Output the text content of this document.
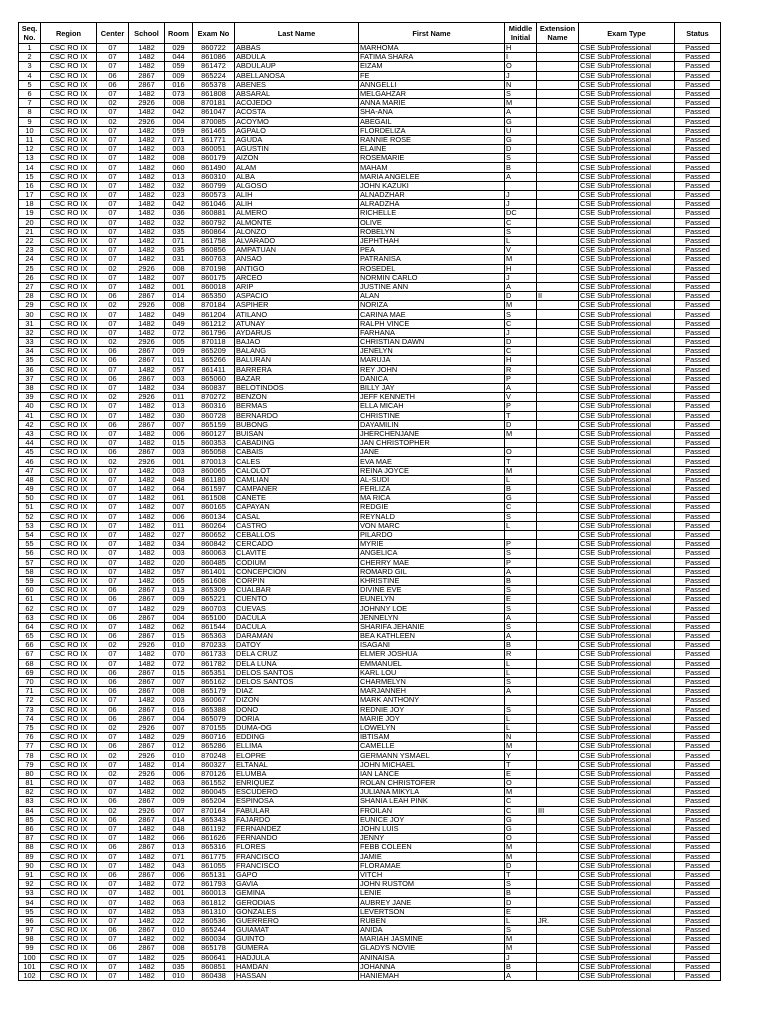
Seq. No.	Region	Center	School	Room	Exam No	Last Name	First Name	Middle Initial	Extension Name	Exam Type	Status
1	CSC RO IX	07	1482	029	860722	ABBAS	MARHOMA	H		CSE SubProfessional	Passed
2	CSC RO IX	07	1482	044	861086	ABDULA	FATIMA SHARA	I		CSE SubProfessional	Passed
3	CSC RO IX	07	1482	059	861472	ABDULAUP	EIZAM	O		CSE SubProfessional	Passed
4	CSC RO IX	06	2867	009	865224	ABELLANOSA	FE	J		CSE SubProfessional	Passed
5	CSC RO IX	06	2867	016	865378	ABENES	ANNGELLI	N		CSE SubProfessional	Passed
6	CSC RO IX	07	1482	073	861808	ABSARAL	MELGAHZAR	S		CSE SubProfessional	Passed
7	CSC RO IX	02	2926	008	870181	ACOJEDO	ANNA MARIE	M		CSE SubProfessional	Passed
8	CSC RO IX	07	1482	042	861047	ACOSTA	SHA-ANA	A		CSE SubProfessional	Passed
9	CSC RO IX	02	2926	004	870085	ACOYMO	ABEGAIL	G		CSE SubProfessional	Passed
10	CSC RO IX	07	1482	059	861465	AGPALO	FLORDELIZA	U		CSE SubProfessional	Passed
11	CSC RO IX	07	1482	071	861771	AGUDA	RANNIE ROSE	G		CSE SubProfessional	Passed
12	CSC RO IX	07	1482	003	860051	AGUSTIN	ELAINE	D		CSE SubProfessional	Passed
13	CSC RO IX	07	1482	008	860179	AIZON	ROSEMARIE	S		CSE SubProfessional	Passed
14	CSC RO IX	07	1482	060	861490	ALAM	MAHAM	B		CSE SubProfessional	Passed
15	CSC RO IX	07	1482	013	860310	ALBA	MARIA ANGELEE	A		CSE SubProfessional	Passed
16	CSC RO IX	07	1482	032	860799	ALGOSO	JOHN KAZUKI			CSE SubProfessional	Passed
17	CSC RO IX	07	1482	023	860573	ALIH	ALNADZHAR	J		CSE SubProfessional	Passed
18	CSC RO IX	07	1482	042	861046	ALIH	ALRADZHA	J		CSE SubProfessional	Passed
19	CSC RO IX	07	1482	036	860881	ALMERO	RICHELLE	DC		CSE SubProfessional	Passed
20	CSC RO IX	07	1482	032	860792	ALMONTE	OLIVE	C		CSE SubProfessional	Passed
21	CSC RO IX	07	1482	035	860864	ALONZO	ROBELYN	S		CSE SubProfessional	Passed
22	CSC RO IX	07	1482	071	861758	ALVARADO	JEPHTHAH	L		CSE SubProfessional	Passed
23	CSC RO IX	07	1482	035	860856	AMPATUAN	PEA	V		CSE SubProfessional	Passed
24	CSC RO IX	07	1482	031	860763	ANSAO	PATRANISA	M		CSE SubProfessional	Passed
25	CSC RO IX	02	2926	008	870198	ANTIGO	ROSEDEL	H		CSE SubProfessional	Passed
26	CSC RO IX	07	1482	007	860175	ARCEO	NORMIN CARLO	J		CSE SubProfessional	Passed
27	CSC RO IX	07	1482	001	860018	ARIP	JUSTINE ANN	A		CSE SubProfessional	Passed
28	CSC RO IX	06	2867	014	865350	ASPACIO	ALAN	D	II	CSE SubProfessional	Passed
29	CSC RO IX	02	2926	008	870184	ASPIHER	NORIZA	M		CSE SubProfessional	Passed
30	CSC RO IX	07	1482	049	861204	ATILANO	CARINA MAE	S		CSE SubProfessional	Passed
31	CSC RO IX	07	1482	049	861212	ATUNAY	RALPH VINCE	C		CSE SubProfessional	Passed
32	CSC RO IX	07	1482	072	861796	AYDARUS	FARHANA	J		CSE SubProfessional	Passed
33	CSC RO IX	02	2926	005	870118	BAJAO	CHRISTIAN DAWN	D		CSE SubProfessional	Passed
34	CSC RO IX	06	2867	009	865209	BALANG	JENELYN	C		CSE SubProfessional	Passed
35	CSC RO IX	06	2867	011	865266	BALURAN	MARUJA	H		CSE SubProfessional	Passed
36	CSC RO IX	07	1482	057	861411	BARRERA	REY JOHN	R		CSE SubProfessional	Passed
37	CSC RO IX	06	2867	003	865060	BAZAR	DANICA	P		CSE SubProfessional	Passed
38	CSC RO IX	07	1482	034	860837	BELOTINDOS	BILLY JAY	A		CSE SubProfessional	Passed
39	CSC RO IX	02	2926	011	870272	BENZON	JEFF KENNETH	V		CSE SubProfessional	Passed
40	CSC RO IX	07	1482	013	860316	BERMAS	ELLA MICAH	P		CSE SubProfessional	Passed
41	CSC RO IX	07	1482	030	860728	BERNARDO	CHRISTINE	T		CSE SubProfessional	Passed
42	CSC RO IX	06	2867	007	865159	BUBONG	DAYAMILIN	D		CSE SubProfessional	Passed
43	CSC RO IX	07	1482	006	860127	BUISAN	JHERCHENJANE	M		CSE SubProfessional	Passed
44	CSC RO IX	07	1482	015	860353	CABADING	JAN CHRISTOPHER			CSE SubProfessional	Passed
45	CSC RO IX	06	2867	003	865058	CABAIS	JANE	O		CSE SubProfessional	Passed
46	CSC RO IX	02	2926	001	870013	CALES	EVA MAE	T		CSE SubProfessional	Passed
47	CSC RO IX	07	1482	003	860065	CALOLOT	REINA JOYCE	M		CSE SubProfessional	Passed
48	CSC RO IX	07	1482	048	861180	CAMLIAN	AL-SUDI	L		CSE SubProfessional	Passed
49	CSC RO IX	07	1482	064	861597	CAMPANER	FERLIZA	B		CSE SubProfessional	Passed
50	CSC RO IX	07	1482	061	861508	CANETE	MA RICA	G		CSE SubProfessional	Passed
51	CSC RO IX	07	1482	007	860165	CAPAYAN	REDGIE	C		CSE SubProfessional	Passed
52	CSC RO IX	07	1482	006	860134	CASAL	REYNALD	S		CSE SubProfessional	Passed
53	CSC RO IX	07	1482	011	860264	CASTRO	VON MARC	L		CSE SubProfessional	Passed
54	CSC RO IX	07	1482	027	860652	CEBALLOS	PILARDO			CSE SubProfessional	Passed
55	CSC RO IX	07	1482	034	860842	CERCADO	MYRIE	P		CSE SubProfessional	Passed
56	CSC RO IX	07	1482	003	860063	CLAVITE	ANGELICA	S		CSE SubProfessional	Passed
57	CSC RO IX	07	1482	020	860485	CODIUM	CHERRY MAE	P		CSE SubProfessional	Passed
58	CSC RO IX	07	1482	057	861401	CONCEPCION	ROMARD GIL	A		CSE SubProfessional	Passed
59	CSC RO IX	07	1482	065	861608	CORPIN	KHRISTINE	B		CSE SubProfessional	Passed
60	CSC RO IX	06	2867	013	865309	CUALBAR	DIVINE EVE	S		CSE SubProfessional	Passed
61	CSC RO IX	06	2867	009	865221	CUENTO	EUNELYN	E		CSE SubProfessional	Passed
62	CSC RO IX	07	1482	029	860703	CUEVAS	JOHNNY LOE	S		CSE SubProfessional	Passed
63	CSC RO IX	06	2867	004	865100	DACULA	JENNELYN	A		CSE SubProfessional	Passed
64	CSC RO IX	07	1482	062	861544	DACULA	SHARIFA JEHANIE	S		CSE SubProfessional	Passed
65	CSC RO IX	06	2867	015	865363	DARAMAN	BEA KATHLEEN	A		CSE SubProfessional	Passed
66	CSC RO IX	02	2926	010	870233	DATOY	ISAGANI	B		CSE SubProfessional	Passed
67	CSC RO IX	07	1482	070	861733	DELA CRUZ	ELMER JOSHUA	R		CSE SubProfessional	Passed
68	CSC RO IX	07	1482	072	861782	DELA LUNA	EMMANUEL	L		CSE SubProfessional	Passed
69	CSC RO IX	06	2867	015	865351	DELOS SANTOS	KARL LOU	L		CSE SubProfessional	Passed
70	CSC RO IX	06	2867	007	865162	DELOS SANTOS	CHARMELYN	S		CSE SubProfessional	Passed
71	CSC RO IX	06	2867	008	865179	DIAZ	MARJANNEH	A		CSE SubProfessional	Passed
72	CSC RO IX	07	1482	003	860067	DIZON	MARK ANTHONY			CSE SubProfessional	Passed
73	CSC RO IX	06	2867	016	865388	DONO	REDNIE JOY	S		CSE SubProfessional	Passed
74	CSC RO IX	06	2867	004	865079	DORIA	MARIE JOY	L		CSE SubProfessional	Passed
75	CSC RO IX	02	2926	007	870155	DUMA-OG	LOWELYN	L		CSE SubProfessional	Passed
76	CSC RO IX	07	1482	029	860716	EDDING	IBTISAM	N		CSE SubProfessional	Passed
77	CSC RO IX	06	2867	012	865286	ELLIMA	CAMELLE	M		CSE SubProfessional	Passed
78	CSC RO IX	02	2926	010	870248	ELOPRE	GERMANN YSMAEL	Y		CSE SubProfessional	Passed
79	CSC RO IX	07	1482	014	860327	ELTANAL	JOHN MICHAEL	T		CSE SubProfessional	Passed
80	CSC RO IX	02	2926	006	870126	ELUMBA	IAN LANCE	E		CSE SubProfessional	Passed
81	CSC RO IX	07	1482	063	861552	ENRIQUEZ	ROLAN CHRISTOFER	O		CSE SubProfessional	Passed
82	CSC RO IX	07	1482	002	860045	ESCUDERO	JULIANA MIKYLA	M		CSE SubProfessional	Passed
83	CSC RO IX	06	2867	009	865204	ESPINOSA	SHANIA LEAH PINK	C		CSE SubProfessional	Passed
84	CSC RO IX	02	2926	007	870164	FABULAR	FROILAN	C	III	CSE SubProfessional	Passed
85	CSC RO IX	06	2867	014	865343	FAJARDO	EUNICE JOY	G		CSE SubProfessional	Passed
86	CSC RO IX	07	1482	048	861192	FERNANDEZ	JOHN LUIS	G		CSE SubProfessional	Passed
87	CSC RO IX	07	1482	066	861626	FERNANDO	JENNY	O		CSE SubProfessional	Passed
88	CSC RO IX	06	2867	013	865316	FLORES	FEBB COLEEN	M		CSE SubProfessional	Passed
89	CSC RO IX	07	1482	071	861775	FRANCISCO	JAMIE	M		CSE SubProfessional	Passed
90	CSC RO IX	07	1482	043	861055	FRANCISCO	FLORAMAE	D		CSE SubProfessional	Passed
91	CSC RO IX	06	2867	006	865131	GAPO	VITCH	T		CSE SubProfessional	Passed
92	CSC RO IX	07	1482	072	861793	GAVIA	JOHN RUSTOM	S		CSE SubProfessional	Passed
93	CSC RO IX	07	1482	001	860013	GEMINA	LENIE	B		CSE SubProfessional	Passed
94	CSC RO IX	07	1482	063	861812	GERODIAS	AUBREY JANE	D		CSE SubProfessional	Passed
95	CSC RO IX	07	1482	053	861310	GONZALES	LEVERTSON	E		CSE SubProfessional	Passed
96	CSC RO IX	07	1482	022	860536	GUERRERO	RUBEN	L	JR.	CSE SubProfessional	Passed
97	CSC RO IX	06	2867	010	865244	GUIAMAT	ANIDA	S		CSE SubProfessional	Passed
98	CSC RO IX	07	1482	002	860034	GUINTO	MARIAH JASMINE	M		CSE SubProfessional	Passed
99	CSC RO IX	06	2867	008	865178	GUMERA	GLADYS NOVIE	M		CSE SubProfessional	Passed
100	CSC RO IX	07	1482	025	860641	HADJULA	ANINAISA	J		CSE SubProfessional	Passed
101	CSC RO IX	07	1482	035	860851	HAMDAN	JOHANNA	B		CSE SubProfessional	Passed
102	CSC RO IX	07	1482	010	860438	HASSAN	HANIEMAH	A		CSE SubProfessional	Passed
